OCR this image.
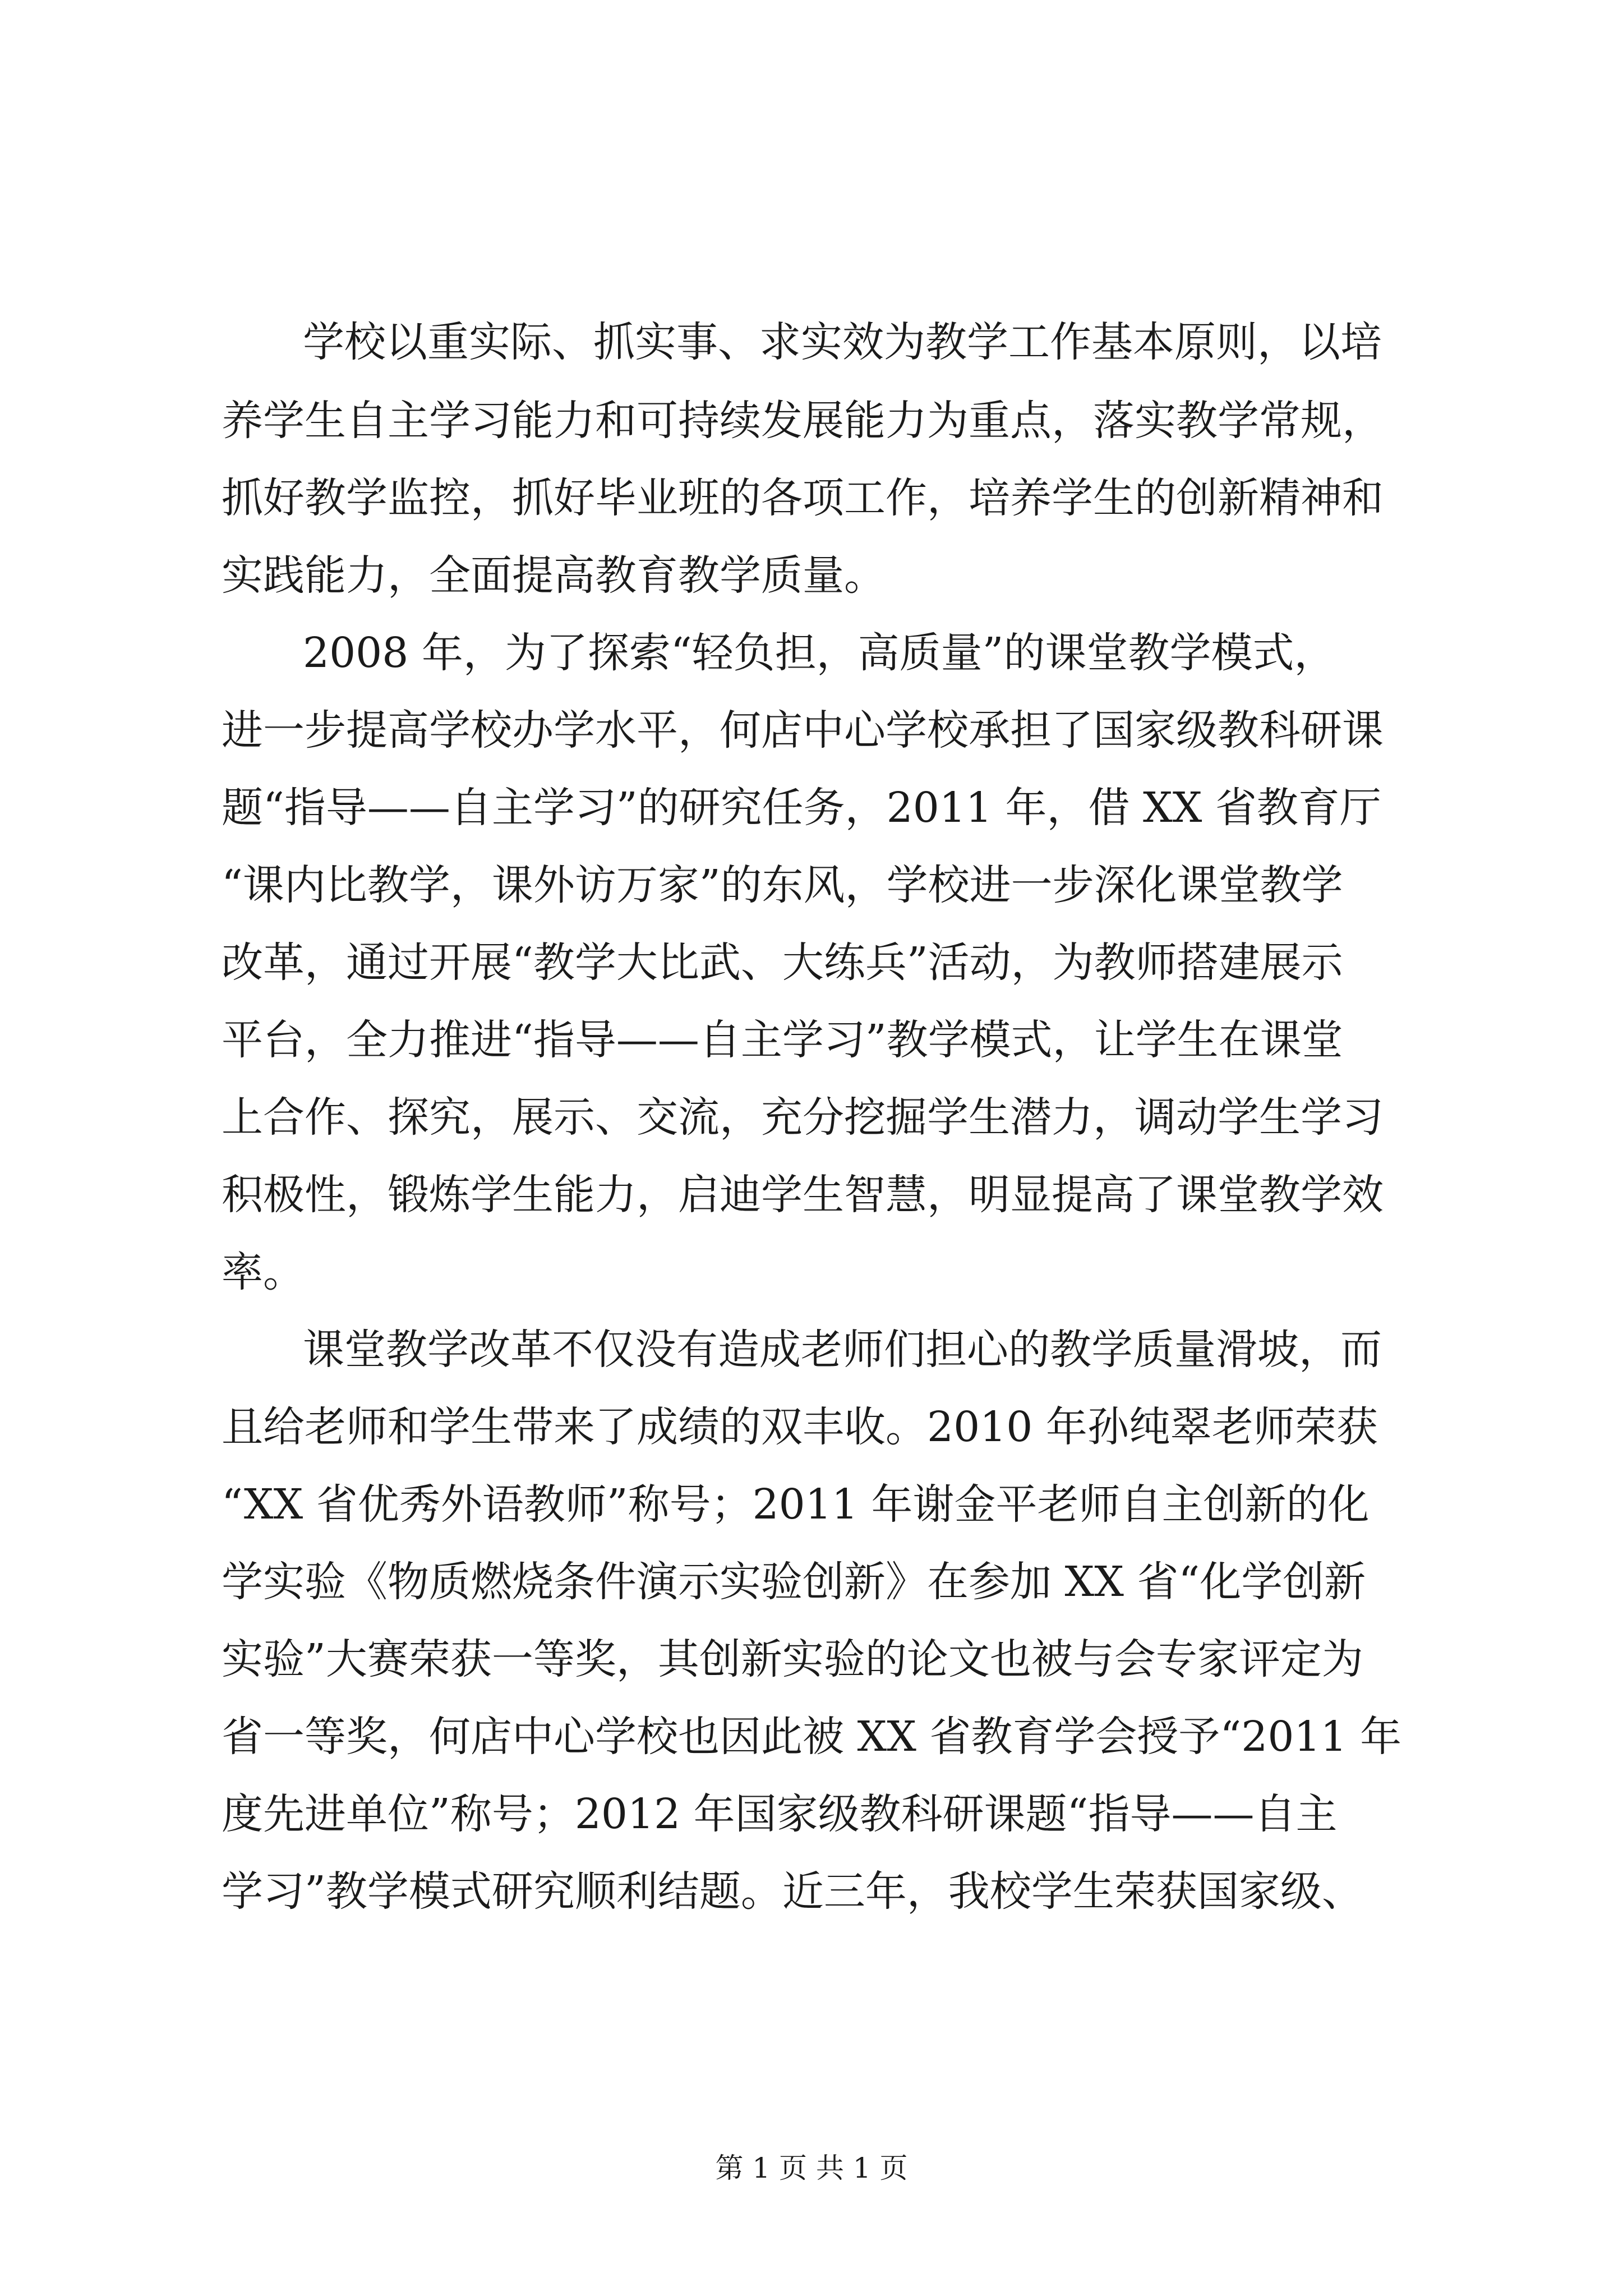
学校以重实际、抓实事、求实效为教学工作基本原则，以培
养学生自主学习能力和可持续发展能力为重点，落实教学常规，
抓好教学监控，抓好毕业班的各项工作，培养学生的创新精神和
实践能力，全面提高教育教学质量。
2008 年，为了探索“轻负担，高质量”的课堂教学模式，
进一步提高学校办学水平，何店中心学校承担了国家级教科研课
题“指导——自主学习”的研究任务，2011 年，借 XX 省教育厅
“课内比教学，课外访万家”的东风，学校进一步深化课堂教学
改革，通过开展“教学大比武、大练兵”活动，为教师搭建展示
平台，全力推进“指导——自主学习”教学模式，让学生在课堂
上合作、探究，展示、交流，充分挖掘学生潜力，调动学生学习
积极性，锻炼学生能力，启迪学生智慧，明显提高了课堂教学效
率。
课堂教学改革不仅没有造成老师们担心的教学质量滑坡，而
且给老师和学生带来了成绩的双丰收。2010 年孙纯翠老师荣获
“XX 省优秀外语教师”称号；2011 年谢金平老师自主创新的化
学实验《物质燃烧条件演示实验创新》在参加 XX 省“化学创新
实验”大赛荣获一等奖，其创新实验的论文也被与会专家评定为
省一等奖，何店中心学校也因此被 XX 省教育学会授予“2011 年
度先进单位”称号；2012 年国家级教科研课题“指导——自主
学习”教学模式研究顺利结题。近三年，我校学生荣获国家级、
第 1 页 共 1 页
